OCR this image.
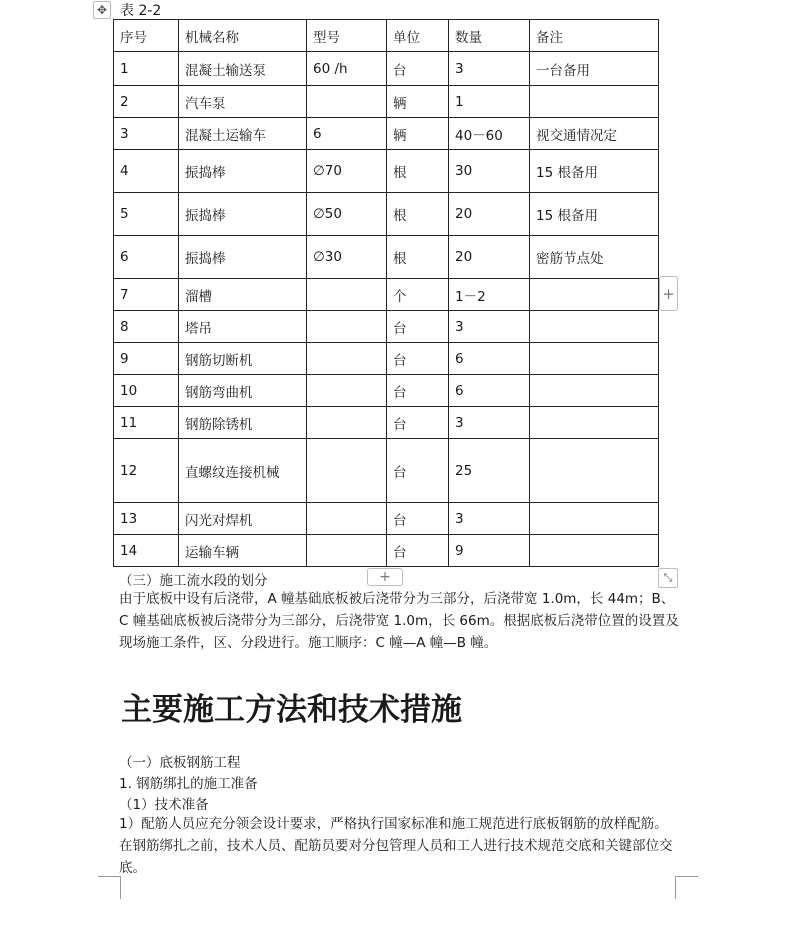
✥ 表 2-2
序号	机械名称	型号	单位	数量	备注
1	混凝土输送泵	60 /h	台	3	一台备用
2	汽车泵		辆	1	
3	混凝土运输车	6	辆	40－60	视交通情况定
4	振捣棒	∅70	根	30	15 根备用
5	振捣棒	∅50	根	20	15 根备用
6	振捣棒	∅30	根	20	密筋节点处
7	溜槽		个	1－2	
8	塔吊		台	3	
9	钢筋切断机		台	6	
10	钢筋弯曲机		台	6	
11	钢筋除锈机		台	3	
12	直螺纹连接机械		台	25	
13	闪光对焊机		台	3	
14	运输车辆		台	9	
+
+	⤡
（三）施工流水段的划分

由于底板中设有后浇带，A 幢基础底板被后浇带分为三部分，后浇带宽 1.0m，长 44m；B、C 幢基础底板被后浇带分为三部分，后浇带宽 1.0m，长 66m。根据底板后浇带位置的设置及现场施工条件，区、分段进行。施工顺序：C 幢—A 幢—B 幢。

主要施工方法和技术措施
（一）底板钢筋工程
1. 钢筋绑扎的施工准备
（1）技术准备

1）配筋人员应充分领会设计要求，严格执行国家标准和施工规范进行底板钢筋的放样配筋。在钢筋绑扎之前，技术人员、配筋员要对分包管理人员和工人进行技术规范交底和关键部位交底。
